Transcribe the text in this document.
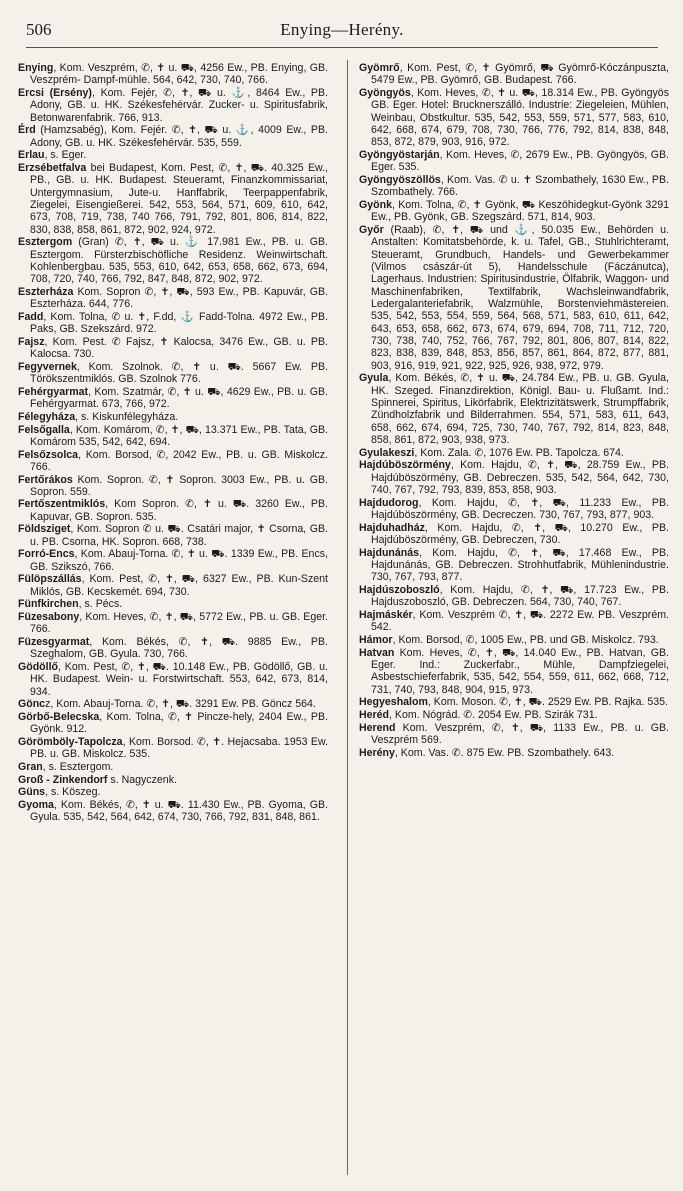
506	Enying—Herény.

Enying, Kom. Veszprém, ✆, ✝ u. ⛟, 4256 Ew., PB. Enying, GB. Veszprém- Dampf-mühle. 564, 642, 730, 740, 766.

Ercsi (Ersény), Kom. Fejér, ✆, ✝, ⛟ u. ⚓, 8464 Ew., PB. Adony, GB. u. HK. Székesfehérvár. Zucker- u. Spiritusfabrik, Betonwarenfabrik. 766, 913.

Érd (Hamzsabég), Kom. Fejér. ✆, ✝, ⛟ u. ⚓, 4009 Ew., PB. Adony, GB. u. HK. Székesfehérvár. 535, 559.

Erlau, s. Eger.

Erzsébetfalva bei Budapest, Kom. Pest, ✆, ✝, ⛟. 40.325 Ew., PB., GB. u. HK. Budapest. Steueramt, Finanzkommissariat, Untergymnasium, Jute-u. Hanffabrik, Teerpappenfabrik, Ziegelei, Eisengießerei. 542, 553, 564, 571, 609, 610, 642, 673, 708, 719, 738, 740 766, 791, 792, 801, 806, 814, 822, 830, 838, 858, 861, 872, 902, 924, 972.

Esztergom (Gran) ✆, ✝, ⛟ u. ⚓ 17.981 Ew., PB. u. GB. Esztergom. Fürsterzbischöfliche Residenz. Weinwirtschaft. Kohlenbergbau. 535, 553, 610, 642, 653, 658, 662, 673, 694, 708, 720, 740, 766, 792, 847, 848, 872, 902, 972.

Eszterháza Kom. Sopron ✆, ✝, ⛟, 593 Ew., PB. Kapuvár, GB. Eszterháza. 644, 776.

Fadd, Kom. Tolna, ✆ u. ✝, F.dd, ⚓ Fadd-Tolna. 4972 Ew., PB. Paks, GB. Szekszárd. 972.

Fajsz, Kom. Pest. ✆ Fajsz, ✝ Kalocsa, 3476 Ew., GB. u. PB. Kalocsa. 730.

Fegyvernek, Kom. Szolnok. ✆, ✝ u. ⛟. 5667 Ew. PB. Törökszentmiklós. GB. Szolnok 776.

Fehérgyarmat, Kom. Szatmár, ✆, ✝ u. ⛟, 4629 Ew., PB. u. GB. Fehérgyarmat. 673, 766, 972.

Félegyháza, s. Kiskunfélegyháza.

Felsőgalla, Kom. Komárom, ✆, ✝, ⛟, 13.371 Ew., PB. Tata, GB. Komárom 535, 542, 642, 694.

Felsőzsolca, Kom. Borsod, ✆, 2042 Ew., PB. u. GB. Miskolcz. 766.

Fertőrákos Kom. Sopron. ✆, ✝ Sopron. 3003 Ew., PB. u. GB. Sopron. 559.

Fertőszentmiklós, Kom Sopron. ✆, ✝ u. ⛟. 3260 Ew., PB. Kapuvar, GB. Sopron. 535.

Földsziget, Kom. Sopron ✆ u. ⛟. Csatári major, ✝ Csorna, GB. u. PB. Csorna, HK. Sopron. 668, 738.

Forró-Encs, Kom. Abauj-Torna. ✆, ✝ u. ⛟. 1339 Ew., PB. Encs, GB. Szikszó, 766.

Fülöpszállás, Kom. Pest, ✆, ✝, ⛟, 6327 Ew., PB. Kun-Szent Miklós, GB. Kecskemét. 694, 730.

Fünfkirchen, s. Pécs.

Füzesabony, Kom. Heves, ✆, ✝, ⛟, 5772 Ew., PB. u. GB. Eger. 766.

Füzesgyarmat, Kom. Békés, ✆, ✝, ⛟. 9885 Ew., PB. Szeghalom, GB. Gyula. 730, 766.

Gödöllő, Kom. Pest, ✆, ✝, ⛟. 10.148 Ew., PB. Gödöllő, GB. u. HK. Budapest. Wein- u. Forstwirtschaft. 553, 642, 673, 814, 934.

Göncz, Kom. Abauj-Torna. ✆, ✝, ⛟. 3291 Ew. PB. Göncz 564.

Görbő-Belecska, Kom. Tolna, ✆, ✝ Pincze-hely, 2404 Ew., PB. Gyönk. 912.

Görömböly-Tapolcza, Kom. Borsod. ✆, ✝. Hejacsaba. 1953 Ew. PB. u. GB. Miskolcz. 535.

Gran, s. Esztergom.

Groß - Zinkendorf s. Nagyczenk.

Güns, s. Köszeg.

Gyoma, Kom. Békés, ✆, ✝ u. ⛟. 11.430 Ew., PB. Gyoma, GB. Gyula. 535, 542, 564, 642, 674, 730, 766, 792, 831, 848, 861.

Gyömrő, Kom. Pest, ✆, ✝ Gyömrő, ⛟ Gyömrő-Kóczánpuszta, 5479 Ew., PB. Gyömrő, GB. Budapest. 766.

Gyöngyös, Kom. Heves, ✆, ✝ u. ⛟, 18.314 Ew., PB. Gyöngyös GB. Eger. Hotel: Brucknerszálló. Industrie: Ziegeleien, Mühlen, Weinbau, Obstkultur. 535, 542, 553, 559, 571, 577, 583, 610, 642, 668, 674, 679, 708, 730, 766, 776, 792, 814, 838, 848, 853, 872, 879, 903, 916, 972.

Gyöngyöstarján, Kom. Heves, ✆, 2679 Ew., PB. Gyöngyös, GB. Eger. 535.

Gyöngyöszöllös, Kom. Vas. ✆ u. ✝ Szombathely, 1630 Ew., PB. Szombathely. 766.

Gyönk, Kom. Tolna, ✆, ✝ Gyönk, ⛟ Keszöhidegkut-Gyönk 3291 Ew., PB. Gyönk, GB. Szegszárd. 571, 814, 903.

Győr (Raab), ✆, ✝, ⛟ und ⚓, 50.035 Ew., Behörden u. Anstalten: Komitatsbehörde, k. u. Tafel, GB., Stuhlrichteramt, Steueramt, Grundbuch, Handels- und Gewerbekammer (Vilmos császár-út 5), Handelsschule (Fáczánutca), Lagerhaus. Industrien: Spiritusindustrie, Ölfabrik, Waggon- und Maschinenfabriken, Textilfabrik, Wachsleinwandfabrik, Ledergalanteriefabrik, Walzmühle, Borstenviehmästereien. 535, 542, 553, 554, 559, 564, 568, 571, 583, 610, 611, 642, 643, 653, 658, 662, 673, 674, 679, 694, 708, 711, 712, 720, 730, 738, 740, 752, 766, 767, 792, 801, 806, 807, 814, 822, 823, 838, 839, 848, 853, 856, 857, 861, 864, 872, 877, 881, 903, 916, 919, 921, 922, 925, 926, 938, 972, 979.

Gyula, Kom. Békés, ✆, ✝ u. ⛟, 24.784 Ew., PB. u. GB. Gyula, HK. Szeged. Finanzdirektion, Königl. Bau- u. Flußamt. Ind.: Spinnerei, Spiritus, Likörfabrik, Elektrizitätswerk, Strumpffabrik, Zündholzfabrik und Bilderrahmen. 554, 571, 583, 611, 643, 658, 662, 674, 694, 725, 730, 740, 767, 792, 814, 823, 848, 858, 861, 872, 903, 938, 973.

Gyulakeszi, Kom. Zala. ✆, 1076 Ew. PB. Tapolcza. 674.

Hajdúböszörmény, Kom. Hajdu, ✆, ✝, ⛟, 28.759 Ew., PB. Hajdúböszörmény, GB. Debreczen. 535, 542, 564, 642, 730, 740, 767, 792, 793, 839, 853, 858, 903.

Hajdudorog, Kom. Hajdu, ✆, ✝, ⛟, 11.233 Ew., PB. Hajdúböszörmény, GB. Decreczen. 730, 767, 793, 877, 903.

Hajduhadház, Kom. Hajdu, ✆, ✝, ⛟, 10.270 Ew., PB. Hajdúböszörmény, GB. Debreczen, 730.

Hajdunánás, Kom. Hajdu, ✆, ✝, ⛟, 17.468 Ew., PB. Hajdunánás, GB. Debreczen. Strohhutfabrik, Mühlenindustrie. 730, 767, 793, 877.

Hajdúszoboszló, Kom. Hajdu, ✆, ✝, ⛟, 17.723 Ew., PB. Hajduszoboszló, GB. Debreczen. 564, 730, 740, 767.

Hajmáskér, Kom. Veszprém ✆, ✝, ⛟. 2272 Ew. PB. Veszprém. 542.

Hámor, Kom. Borsod, ✆, 1005 Ew., PB. und GB. Miskolcz. 793.

Hatvan Kom. Heves, ✆, ✝, ⛟, 14.040 Ew., PB. Hatvan, GB. Eger. Ind.: Zuckerfabr., Mühle, Dampfziegelei, Asbestschieferfabrik, 535, 542, 554, 559, 611, 662, 668, 712, 731, 740, 793, 848, 904, 915, 973.

Hegyeshalom, Kom. Moson. ✆, ✝, ⛟. 2529 Ew. PB. Rajka. 535.

Heréd, Kom. Nógrád. ✆. 2054 Ew. PB. Szirák 731.

Herend Kom. Veszprém, ✆, ✝, ⛟, 1133 Ew., PB. u. GB. Veszprém 569.

Herény, Kom. Vas. ✆. 875 Ew. PB. Szombathely. 643.
